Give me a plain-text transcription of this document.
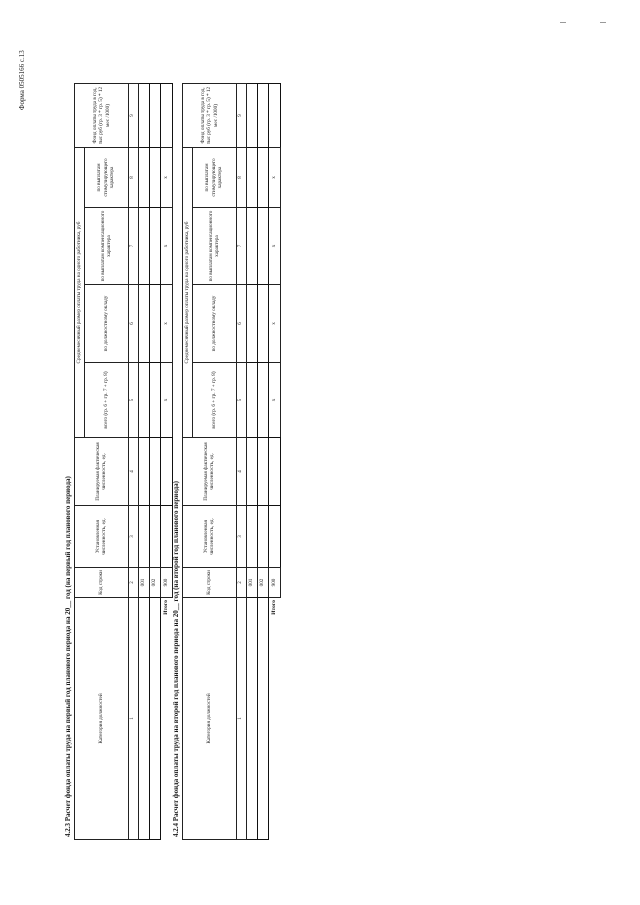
Форма 0505166 с.13
4.2.3 Расчет фонда оплаты труда на первый год планового периода на 20__ год (на первый год планового периода)	Категория должностей	Код строки	Установленная численность, ед.	Планируемая фактическая численность, ед.	Среднемесячный размер оплаты труда на одного работника, руб				Фонд оплаты труда в год, тыс руб (гр. 3 * гр. 5) * 12 мес /1000)
				всего (гр. 6 + гр. 7 + гр. 8)	по должностному окладу	по выплатам компенсационного характера	по выплатам стимулирующего характера	
1	2	3	4	5	6	7	8	9
	001							
	002							
Итого	900			x	x	x	x	
4.2.4 Расчет фонда оплаты труда на второй год планового периода на 20__ год (на второй год планового периода)	Категория должностей	Код строки	Установленная численность, ед.	Планируемая фактическая численность, ед.	Среднемесячный размер оплаты труда на одного работника, руб				Фонд оплаты труда в год, тыс руб (гр. 3 * гр. 5) * 12 мес /1000)
				всего (гр. 6 + гр. 7 + гр. 8)	по должностному окладу	по выплатам компенсационного характера	по выплатам стимулирующего характера	
1	2	3	4	5	6	7	8	9
	001							
	002							
Итого	900			x	x	x	x	
